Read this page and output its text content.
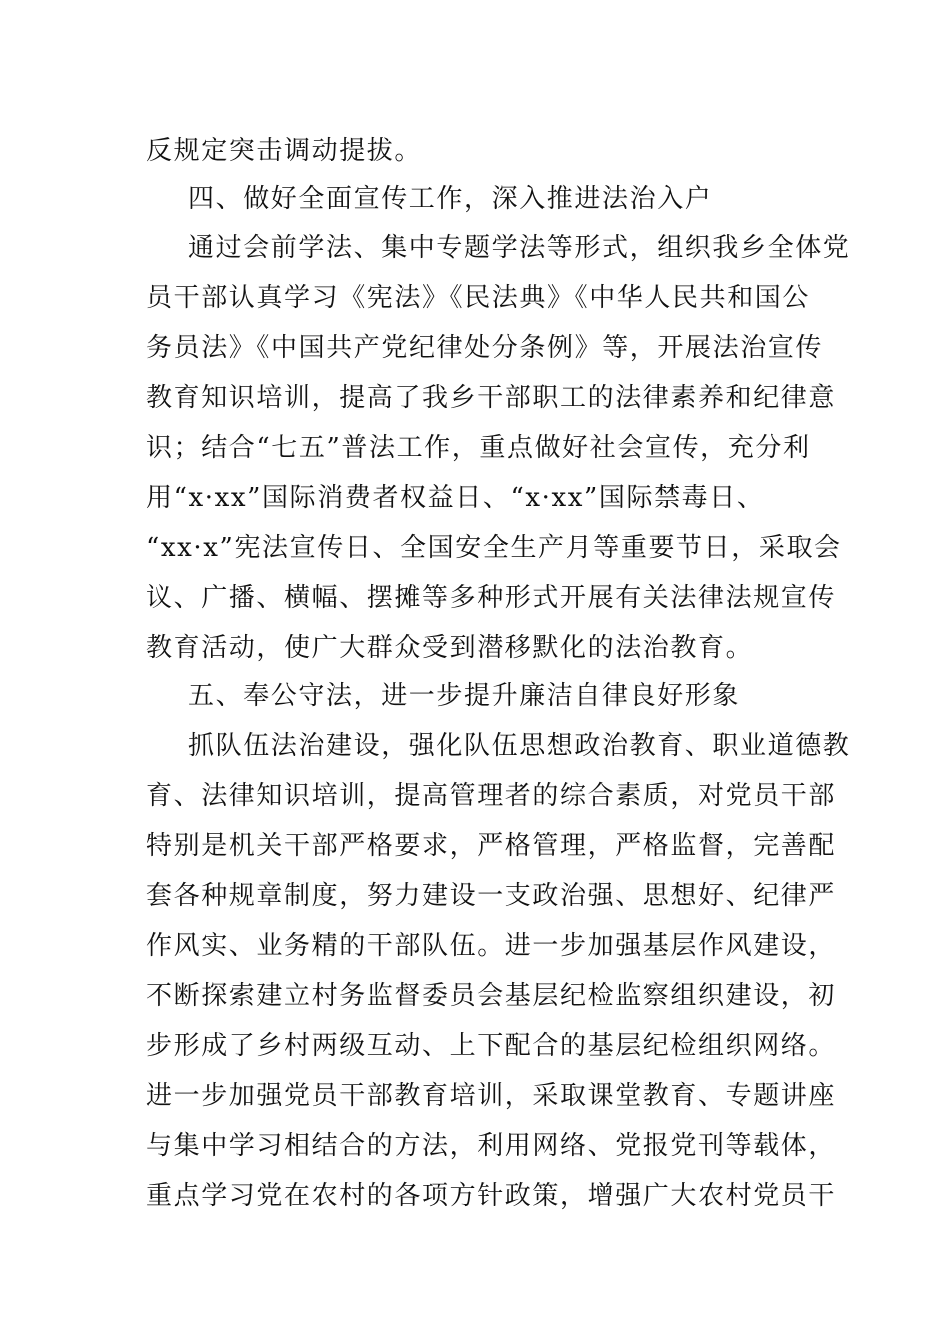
反规定突击调动提拔。
四、做好全面宣传工作，深入推进法治入户
通过会前学法、集中专题学法等形式，组织我乡全体党
员干部认真学习《宪法》《民法典》《中华人民共和国公
务员法》《中国共产党纪律处分条例》等，开展法治宣传
教育知识培训，提高了我乡干部职工的法律素养和纪律意
识；结合“七五”普法工作，重点做好社会宣传，充分利
用“x·xx”国际消费者权益日、“x·xx”国际禁毒日、
“xx·x”宪法宣传日、全国安全生产月等重要节日，采取会
议、广播、横幅、摆摊等多种形式开展有关法律法规宣传
教育活动，使广大群众受到潜移默化的法治教育。
五、奉公守法，进一步提升廉洁自律良好形象
抓队伍法治建设，强化队伍思想政治教育、职业道德教
育、法律知识培训，提高管理者的综合素质，对党员干部
特别是机关干部严格要求，严格管理，严格监督，完善配
套各种规章制度，努力建设一支政治强、思想好、纪律严
作风实、业务精的干部队伍。进一步加强基层作风建设，
不断探索建立村务监督委员会基层纪检监察组织建设，初
步形成了乡村两级互动、上下配合的基层纪检组织网络。
进一步加强党员干部教育培训，采取课堂教育、专题讲座
与集中学习相结合的方法，利用网络、党报党刊等载体，
重点学习党在农村的各项方针政策，增强广大农村党员干
